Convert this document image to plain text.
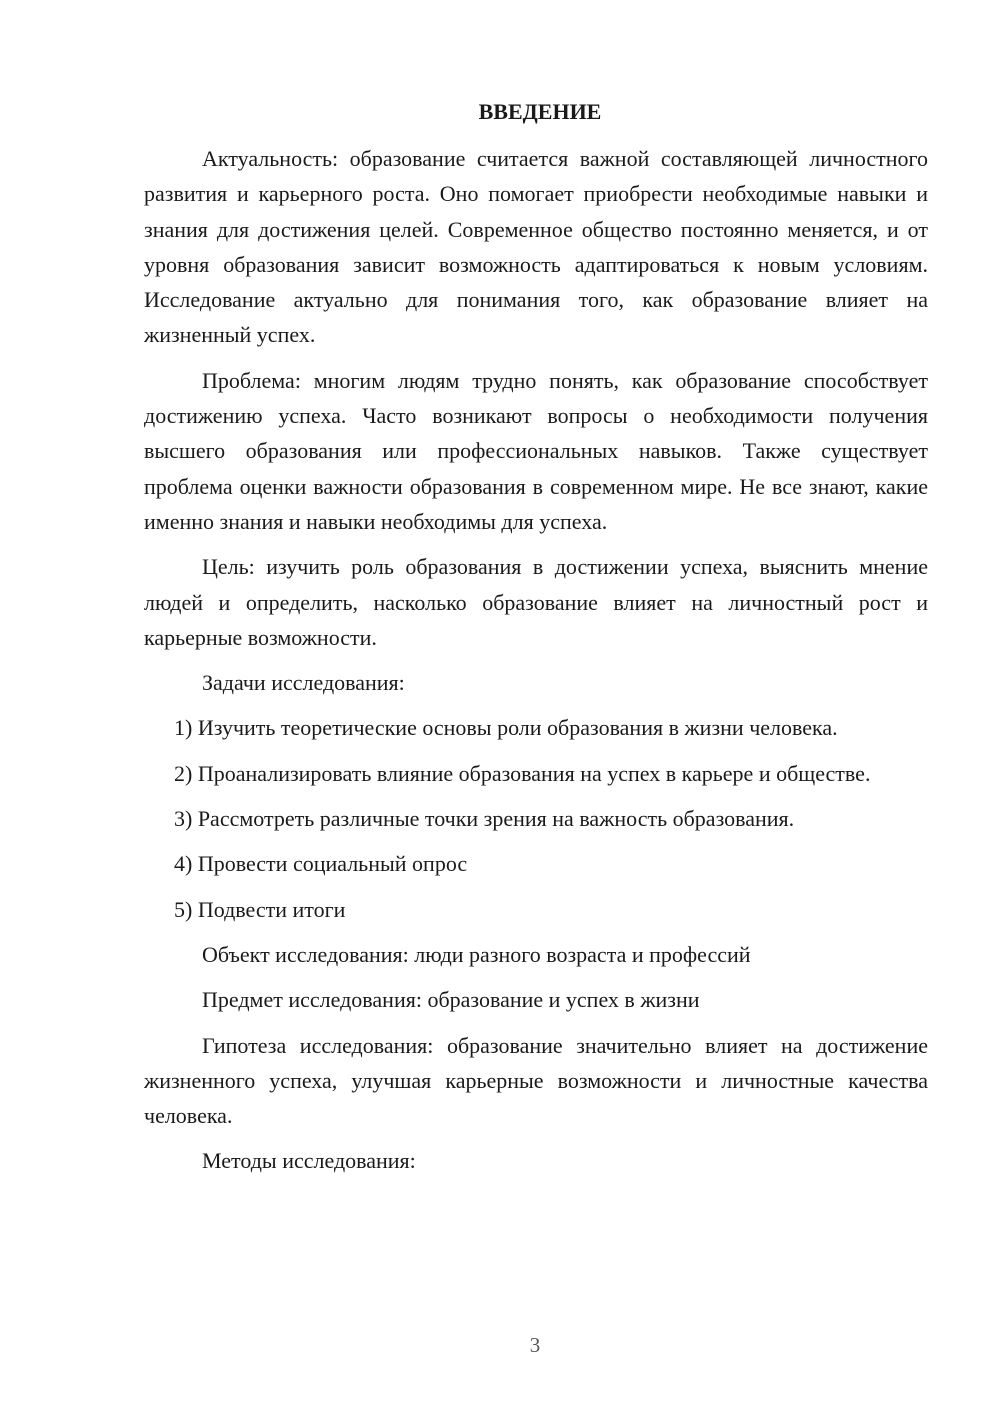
ВВЕДЕНИЕ

Актуальность: образование считается важной составляющей личностного развития и карьерного роста. Оно помогает приобрести необходимые навыки и знания для достижения целей. Современное общество постоянно меняется, и от уровня образования зависит возможность адаптироваться к новым условиям. Исследование актуально для понимания того, как образование влияет на жизненный успех.

Проблема: многим людям трудно понять, как образование способствует достижению успеха. Часто возникают вопросы о необходимости получения высшего образования или профессиональных навыков. Также существует проблема оценки важности образования в современном мире. Не все знают, какие именно знания и навыки необходимы для успеха.

Цель: изучить роль образования в достижении успеха, выяснить мнение людей и определить, насколько образование влияет на личностный рост и карьерные возможности.

Задачи исследования:

1) Изучить теоретические основы роли образования в жизни человека.

2) Проанализировать влияние образования на успех в карьере и обществе.

3) Рассмотреть различные точки зрения на важность образования.

4) Провести социальный опрос

5) Подвести итоги

Объект исследования: люди разного возраста и профессий

Предмет исследования: образование и успех в жизни

Гипотеза исследования: образование значительно влияет на достижение жизненного успеха, улучшая карьерные возможности и личностные качества человека.

Методы исследования:

3
